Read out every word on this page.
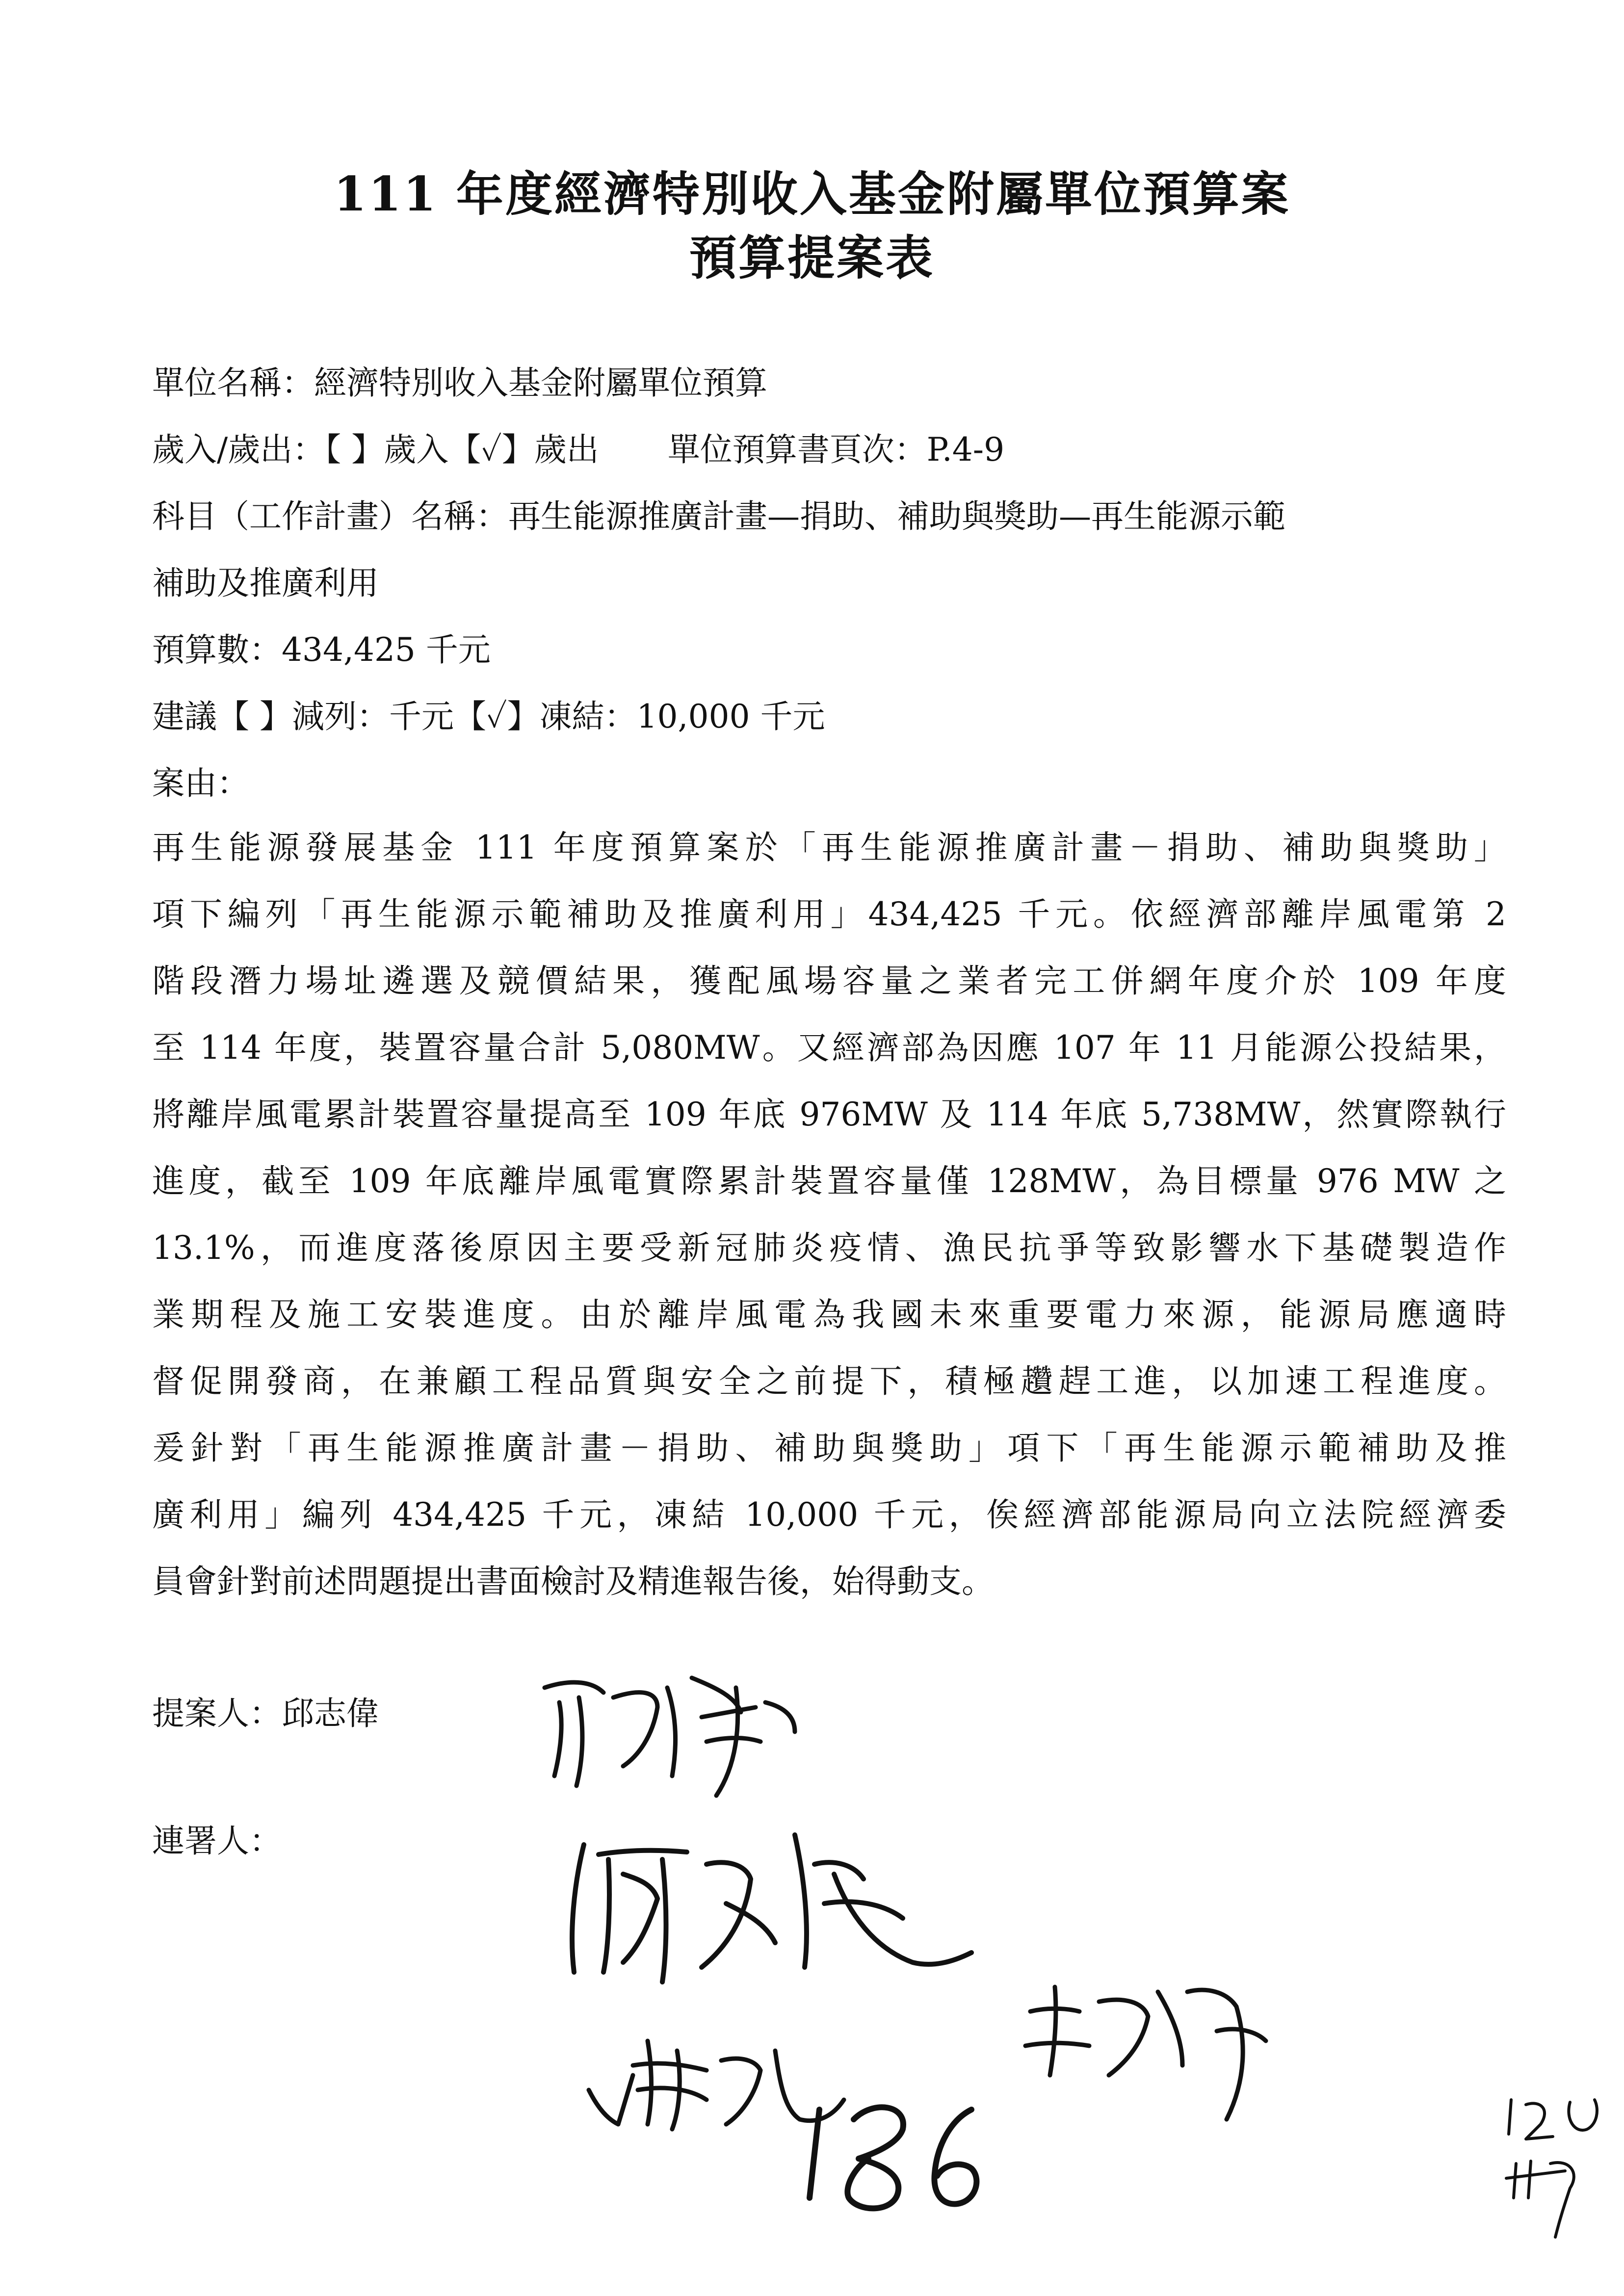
111 年度經濟特別收入基金附屬單位預算案
預算提案表
單位名稱：經濟特別收入基金附屬單位預算
歲入/歲出：【 】歲入【✓】歲出 單位預算書頁次：P.4-9
科目（工作計畫）名稱：再生能源推廣計畫—捐助、補助與獎助—再生能源示範
補助及推廣利用
預算數：434,425 千元
建議【 】減列：千元【✓】凍結：10,000 千元
案由：
再生能源發展基金 111 年度預算案於「再生能源推廣計畫－捐助、補助與獎助」
項下編列「再生能源示範補助及推廣利用」434,425 千元。依經濟部離岸風電第 2
階段潛力場址遴選及競價結果，獲配風場容量之業者完工併網年度介於 109 年度
至 114 年度，裝置容量合計 5,080MW。又經濟部為因應 107 年 11 月能源公投結果，
將離岸風電累計裝置容量提高至 109 年底 976MW 及 114 年底 5,738MW，然實際執行
進度，截至 109 年底離岸風電實際累計裝置容量僅 128MW，為目標量 976 MW 之
13.1%，而進度落後原因主要受新冠肺炎疫情、漁民抗爭等致影響水下基礎製造作
業期程及施工安裝進度。由於離岸風電為我國未來重要電力來源，能源局應適時
督促開發商，在兼顧工程品質與安全之前提下，積極趲趕工進，以加速工程進度。
爰針對「再生能源推廣計畫－捐助、補助與獎助」項下「再生能源示範補助及推
廣利用」編列 434,425 千元，凍結 10,000 千元，俟經濟部能源局向立法院經濟委
員會針對前述問題提出書面檢討及精進報告後，始得動支。
提案人：邱志偉
連署人：
